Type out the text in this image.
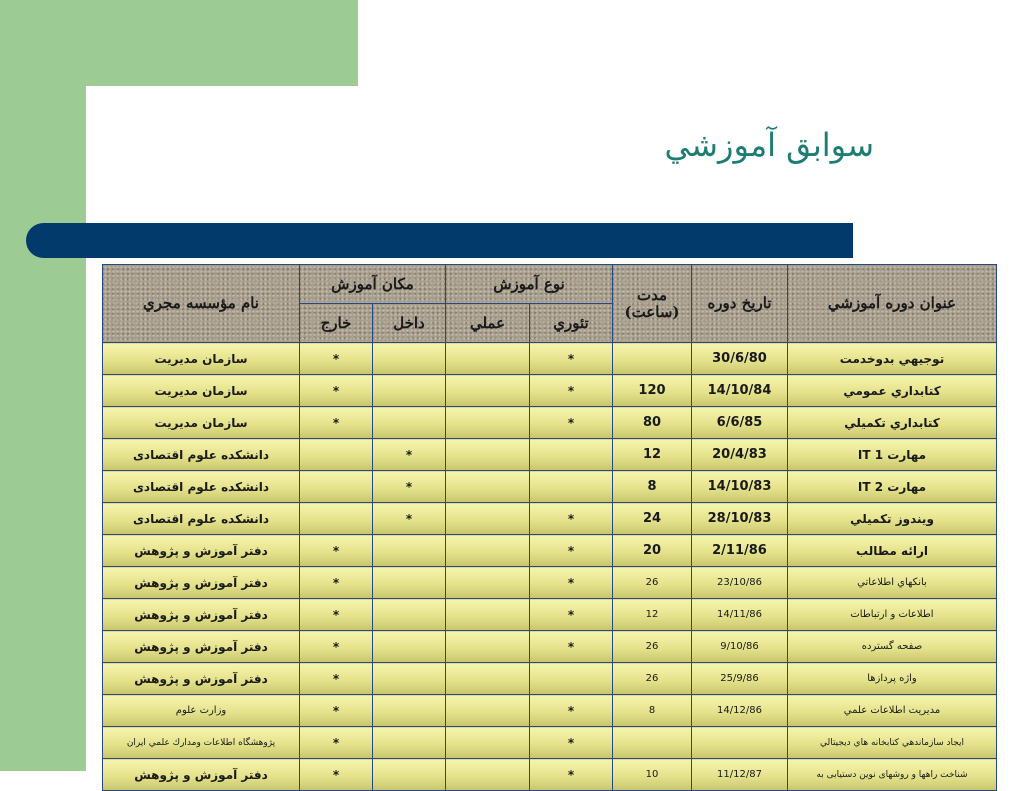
سوابق آموزشي
عنوان دوره آموزشي	تاريخ دوره	مدت (ساعت)	نوع آموزش		مكان آموزش		نام مؤسسه مجري
			تئوري	عملي	داخل	خارج	
توجيهي بدوخدمت	30/6/80		*			*	سازمان مديريت
كتابداري عمومي	14/10/84	120	*			*	سازمان مديريت
كتابداري تكميلي	6/6/85	80	*			*	سازمان مديريت
مهارت 1 IT	20/4/83	12			*		دانشكده علوم اقتصادی
مهارت 2 IT	14/10/83	8			*		دانشكده علوم اقتصادی
ويندوز تكميلي	28/10/83	24	*		*		دانشكده علوم اقتصادی
ارائه مطالب	2/11/86	20	*			*	دفتر آموزش و پژوهش
بانكهاي اطلاعاتي	23/10/86	26	*			*	دفتر آموزش و پژوهش
اطلاعات و ارتباطات	14/11/86	12	*			*	دفتر آموزش و پژوهش
صفحه گسترده	9/10/86	26	*			*	دفتر آموزش و پژوهش
واژه پردازها	25/9/86	26				*	دفتر آموزش و پژوهش
مديريت اطلاعات علمي	14/12/86	8	*			*	وزارت علوم
ايجاد سازماندهي كتابخانه هاي ديجيتالي			*			*	پژوهشگاه اطلاعات ومدارك علمي ايران
شناخت راهها و روشهای نوین دستیابی به	11/12/87	10	*			*	دفتر آموزش و پژوهش
